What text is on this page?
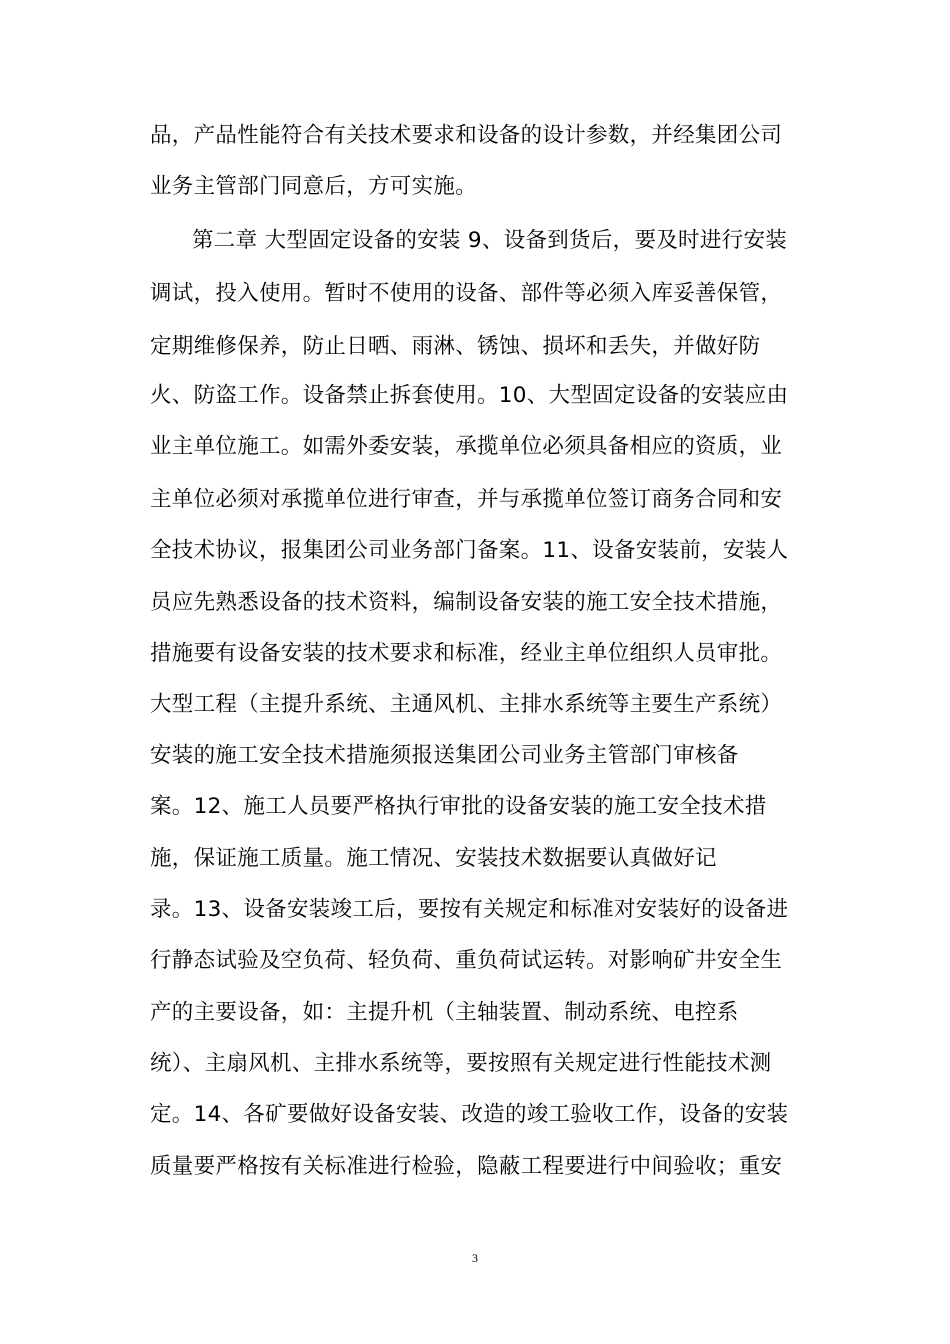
品，产品性能符合有关技术要求和设备的设计参数，并经集团公司
业务主管部门同意后，方可实施。
第二章 大型固定设备的安装 9、设备到货后，要及时进行安装
调试，投入使用。暂时不使用的设备、部件等必须入库妥善保管，
定期维修保养，防止日晒、雨淋、锈蚀、损坏和丢失，并做好防
火、防盗工作。设备禁止拆套使用。10、大型固定设备的安装应由
业主单位施工。如需外委安装，承揽单位必须具备相应的资质，业
主单位必须对承揽单位进行审查，并与承揽单位签订商务合同和安
全技术协议，报集团公司业务部门备案。11、设备安装前，安装人
员应先熟悉设备的技术资料，编制设备安装的施工安全技术措施，
措施要有设备安装的技术要求和标准，经业主单位组织人员审批。
大型工程（主提升系统、主通风机、主排水系统等主要生产系统）
安装的施工安全技术措施须报送集团公司业务主管部门审核备
案。12、施工人员要严格执行审批的设备安装的施工安全技术措
施，保证施工质量。施工情况、安装技术数据要认真做好记
录。13、设备安装竣工后，要按有关规定和标准对安装好的设备进
行静态试验及空负荷、轻负荷、重负荷试运转。对影响矿井安全生
产的主要设备，如：主提升机（主轴装置、制动系统、电控系
统）、主扇风机、主排水系统等，要按照有关规定进行性能技术测
定。14、各矿要做好设备安装、改造的竣工验收工作，设备的安装
质量要严格按有关标准进行检验，隐蔽工程要进行中间验收；重安
3
